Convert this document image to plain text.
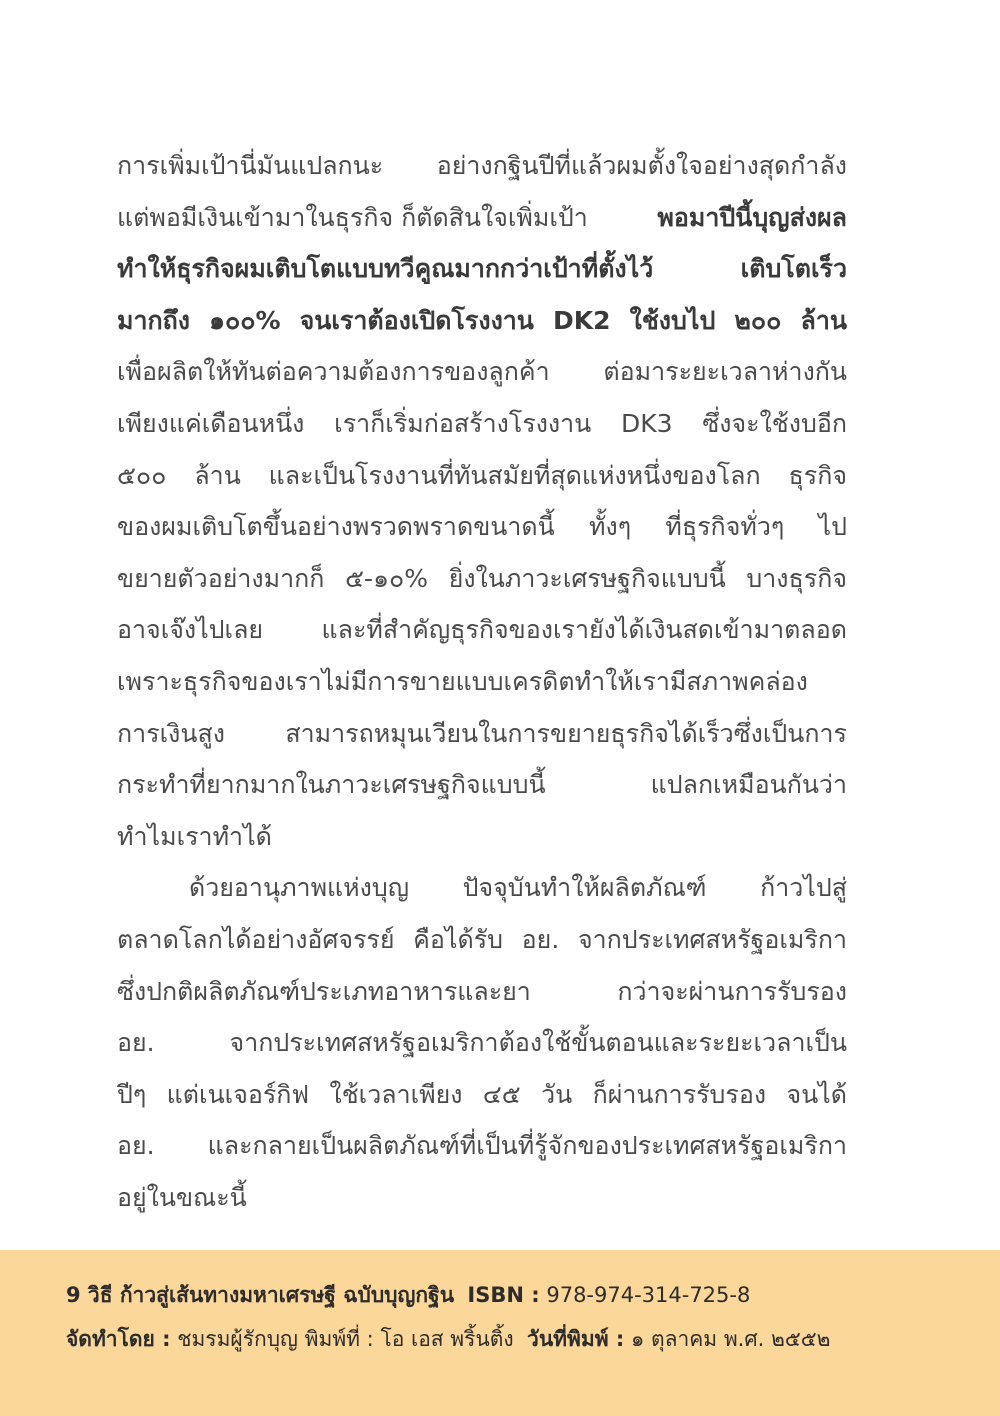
การเพิ่มเป้านี่มันแปลกนะ อย่างกฐินปีที่แล้วผมตั้งใจอย่างสุดกำลัง
แต่พอมีเงินเข้ามาในธุรกิจ ก็ตัดสินใจเพิ่มเป้า	พอมาปีนี้บุญส่งผล
ทำให้ธุรกิจผมเติบโตแบบทวีคูณมากกว่าเป้าที่ตั้งไว้ เติบโตเร็ว
มากถึง ๑๐๐% จนเราต้องเปิดโรงงาน DK2 ใช้งบไป ๒๐๐ ล้าน
เพื่อผลิตให้ทันต่อความต้องการของลูกค้า ต่อมาระยะเวลาห่างกัน
เพียงแค่เดือนหนึ่ง เราก็เริ่มก่อสร้างโรงงาน DK3 ซึ่งจะใช้งบอีก
๕๐๐ ล้าน และเป็นโรงงานที่ทันสมัยที่สุดแห่งหนึ่งของโลก ธุรกิจ
ของผมเติบโตขึ้นอย่างพรวดพราดขนาดนี้ ทั้งๆ ที่ธุรกิจทั่วๆ ไป
ขยายตัวอย่างมากก็ ๕-๑๐% ยิ่งในภาวะเศรษฐกิจแบบนี้ บางธุรกิจ
อาจเจ๊งไปเลย และที่สำคัญธุรกิจของเรายังได้เงินสดเข้ามาตลอด
เพราะธุรกิจของเราไม่มีการขายแบบเครดิตทำให้เรามีสภาพคล่อง
การเงินสูง สามารถหมุนเวียนในการขยายธุรกิจได้เร็วซึ่งเป็นการ
กระทำที่ยากมากในภาวะเศรษฐกิจแบบนี้ แปลกเหมือนกันว่า
ทำไมเราทำได้
ด้วยอานุภาพแห่งบุญ ปัจจุบันทำให้ผลิตภัณฑ์ ก้าวไปสู่
ตลาดโลกได้อย่างอัศจรรย์ คือได้รับ อย. จากประเทศสหรัฐอเมริกา
ซึ่งปกติผลิตภัณฑ์ประเภทอาหารและยา กว่าจะผ่านการรับรอง
อย. จากประเทศสหรัฐอเมริกาต้องใช้ขั้นตอนและระยะเวลาเป็น
ปีๆ แต่เนเจอร์กิฟ ใช้เวลาเพียง ๔๕ วัน ก็ผ่านการรับรอง จนได้
อย. และกลายเป็นผลิตภัณฑ์ที่เป็นที่รู้จักของประเทศสหรัฐอเมริกา
อยู่ในขณะนี้
9 วิธี ก้าวสู่เส้นทางมหาเศรษฐี ฉบับบุญกฐิน ISBN : 978-974-314-725-8
จัดทำโดย : ชมรมผู้รักบุญ พิมพ์ที่ : โอ เอส พริ้นติ้ง วันที่พิมพ์ : ๑ ตุลาคม พ.ศ. ๒๕๕๒
